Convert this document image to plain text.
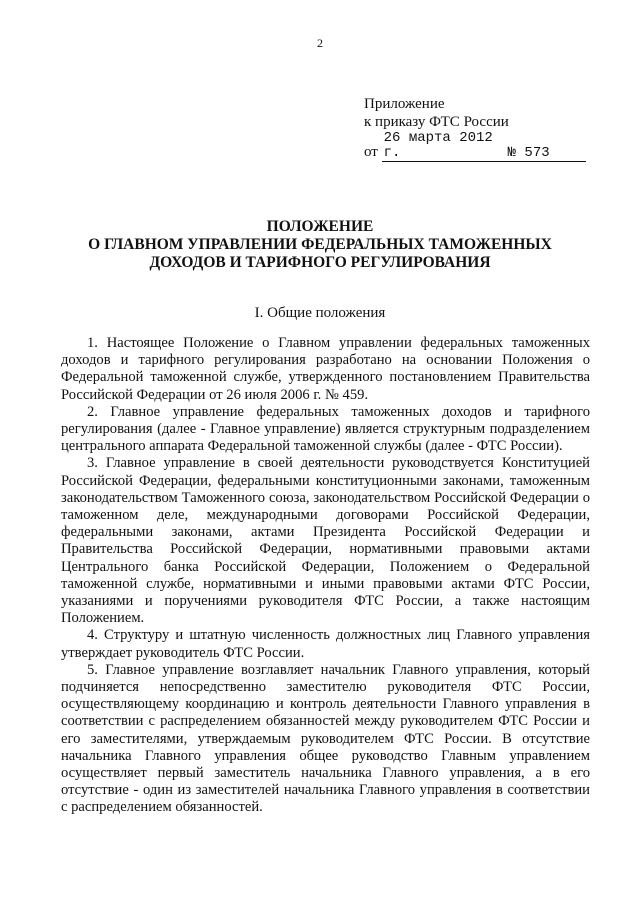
2
Приложение
к приказу ФТС России
от 26 марта 2012 г.	№ 573
ПОЛОЖЕНИЕ
О ГЛАВНОМ УПРАВЛЕНИИ ФЕДЕРАЛЬНЫХ ТАМОЖЕННЫХ
ДОХОДОВ И ТАРИФНОГО РЕГУЛИРОВАНИЯ
I. Общие положения

1. Настоящее Положение о Главном управлении федеральных таможенных доходов и тарифного регулирования разработано на основании Положения о Федеральной таможенной службе, утвержденного постановлением Правительства Российской Федерации от 26 июля 2006 г. № 459.

2. Главное управление федеральных таможенных доходов и тарифного регулирования (далее - Главное управление) является структурным подразделением центрального аппарата Федеральной таможенной службы (далее - ФТС России).

3. Главное управление в своей деятельности руководствуется Конституцией Российской Федерации, федеральными конституционными законами, таможенным законодательством Таможенного союза, законодательством Российской Федерации о таможенном деле, международными договорами Российской Федерации, федеральными законами, актами Президента Российской Федерации и Правительства Российской Федерации, нормативными правовыми актами Центрального банка Российской Федерации, Положением о Федеральной таможенной службе, нормативными и иными правовыми актами ФТС России, указаниями и поручениями руководителя ФТС России, а также настоящим Положением.

4. Структуру и штатную численность должностных лиц Главного управления утверждает руководитель ФТС России.

5. Главное управление возглавляет начальник Главного управления, который подчиняется непосредственно заместителю руководителя ФТС России, осуществляющему координацию и контроль деятельности Главного управления в соответствии с распределением обязанностей между руководителем ФТС России и его заместителями, утверждаемым руководителем ФТС России. В отсутствие начальника Главного управления общее руководство Главным управлением осуществляет первый заместитель начальника Главного управления, а в его отсутствие - один из заместителей начальника Главного управления в соответствии с распределением обязанностей.
